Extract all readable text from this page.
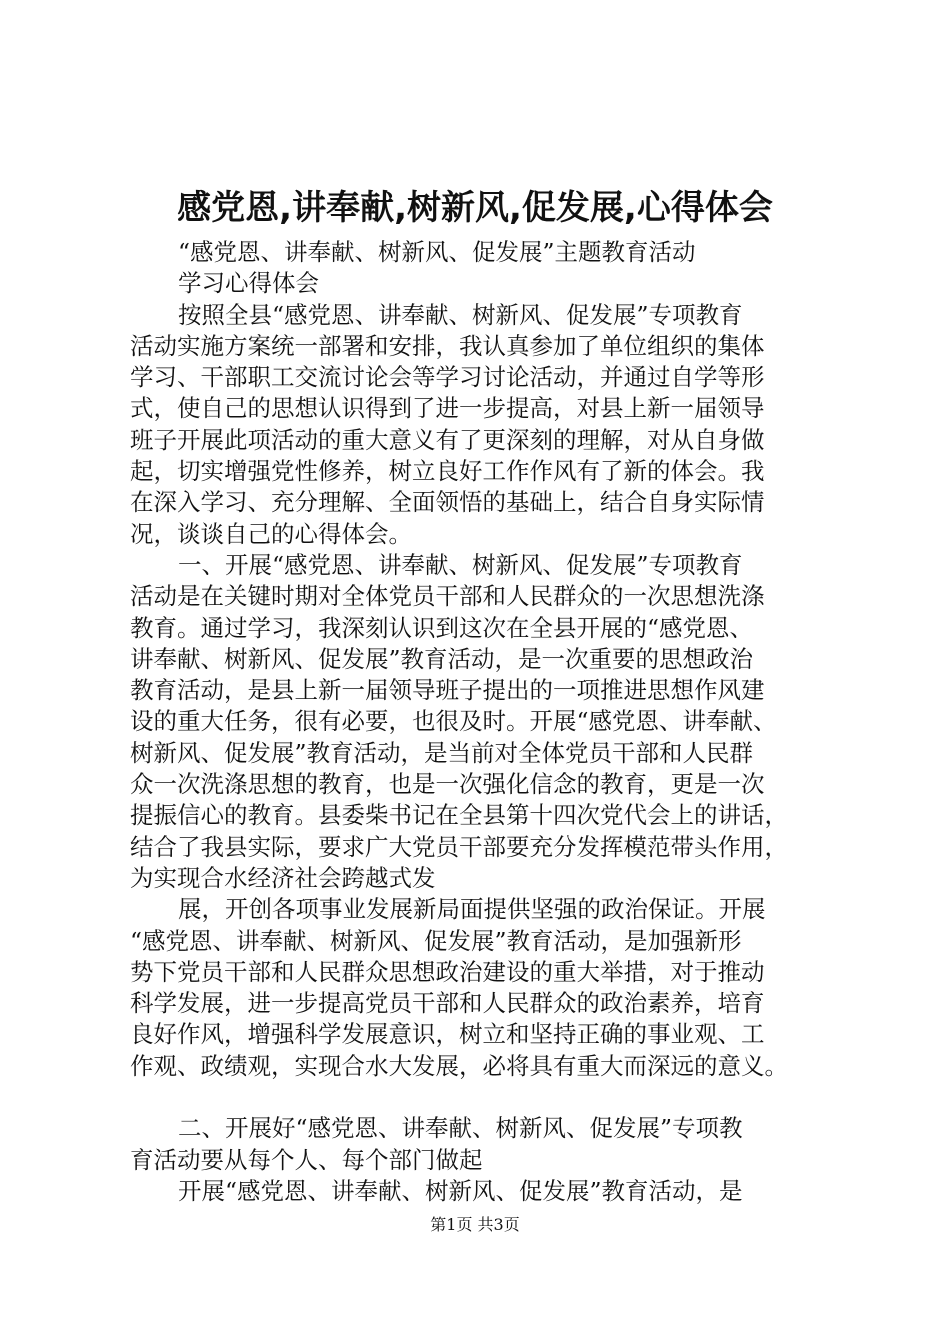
感党恩,讲奉献,树新风,促发展,心得体会
“感党恩、讲奉献、树新风、促发展”主题教育活动
学习心得体会
按照全县“感党恩、讲奉献、树新风、促发展”专项教育
活动实施方案统一部署和安排，我认真参加了单位组织的集体
学习、干部职工交流讨论会等学习讨论活动，并通过自学等形
式，使自己的思想认识得到了进一步提高，对县上新一届领导
班子开展此项活动的重大意义有了更深刻的理解，对从自身做
起，切实增强党性修养，树立良好工作作风有了新的体会。我
在深入学习、充分理解、全面领悟的基础上，结合自身实际情
况，谈谈自己的心得体会。
一、开展“感党恩、讲奉献、树新风、促发展”专项教育
活动是在关键时期对全体党员干部和人民群众的一次思想洗涤
教育。通过学习，我深刻认识到这次在全县开展的“感党恩、
讲奉献、树新风、促发展”教育活动，是一次重要的思想政治
教育活动，是县上新一届领导班子提出的一项推进思想作风建
设的重大任务，很有必要，也很及时。开展“感党恩、讲奉献、
树新风、促发展”教育活动，是当前对全体党员干部和人民群
众一次洗涤思想的教育，也是一次强化信念的教育，更是一次
提振信心的教育。县委柴书记在全县第十四次党代会上的讲话，
结合了我县实际，要求广大党员干部要充分发挥模范带头作用，
为实现合水经济社会跨越式发
展，开创各项事业发展新局面提供坚强的政治保证。开展
“感党恩、讲奉献、树新风、促发展”教育活动，是加强新形
势下党员干部和人民群众思想政治建设的重大举措，对于推动
科学发展，进一步提高党员干部和人民群众的政治素养，培育
良好作风，增强科学发展意识，树立和坚持正确的事业观、工
作观、政绩观，实现合水大发展，必将具有重大而深远的意义。
二、开展好“感党恩、讲奉献、树新风、促发展”专项教
育活动要从每个人、每个部门做起
开展“感党恩、讲奉献、树新风、促发展”教育活动，是
第1页 共3页
